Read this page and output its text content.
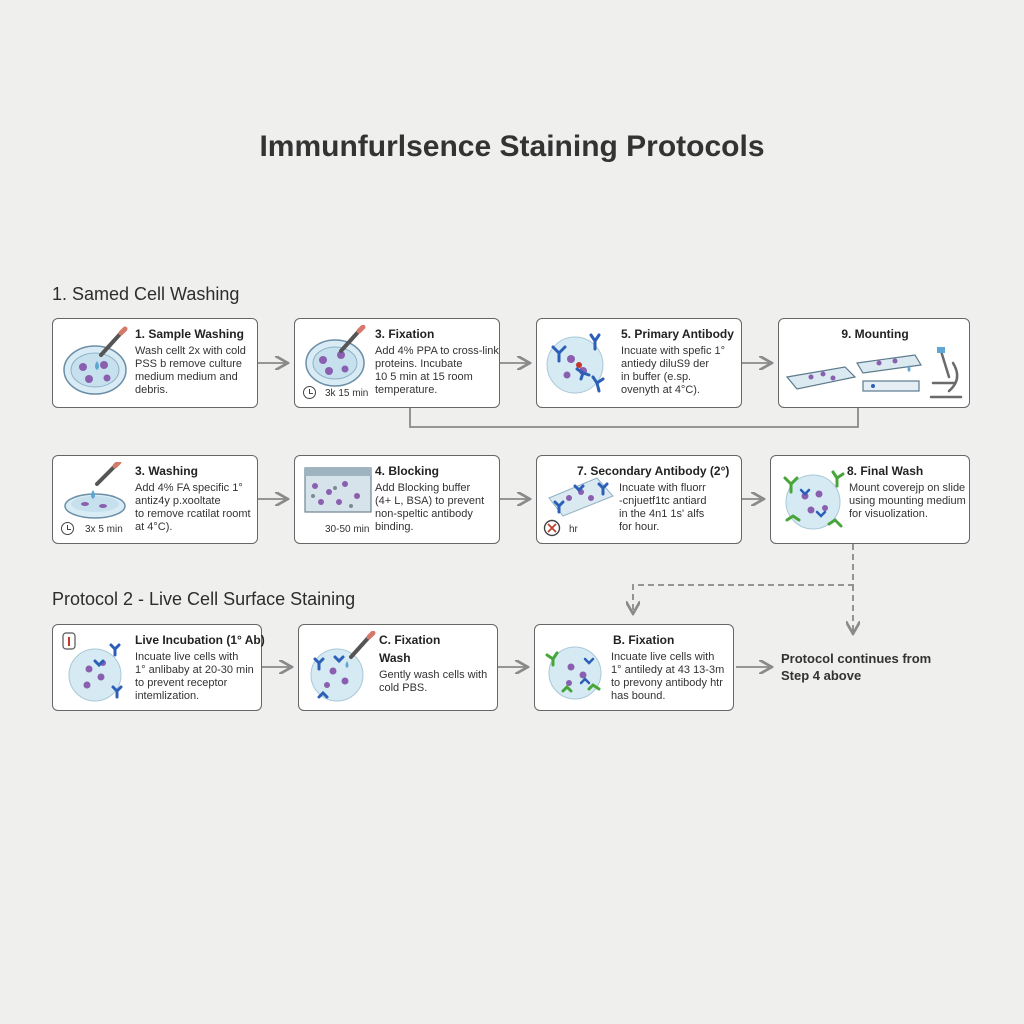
Immunfurlsence Staining Protocols
1. Samed Cell Washing
Protocol 2 - Live Cell Surface Staining
1. Sample Washing
Wash cellt 2x with cold
PSS b remove culture
medium medium and
debris.	3k 15 min
3. Fixation
Add 4% PPA to cross-link
proteins. Incubate
10 5 min at 15 room
temperature.
5. Primary Antibody
Incuate with spefic 1°
antiedy diluS9 der
in buffer (e.sp.
ovenyth at 4°C).
9. Mounting
3x 5 min
3. Washing
Add 4% FA specific 1°
antiz4y p.xooltate
to remove rcatilat roomt
at 4°C).	30-50 min
4. Blocking
Add Blocking buffer
(4+ L, BSA) to prevent
non-speltic antibody
binding.	hr
7. Secondary Antibody (2°)
Incuate with fluorr
-cnjuetf1tc antiard
in the 4n1 1s' alfs
for hour.
8. Final Wash
Mount coverejp on slide
using mounting medium
for visuolization.
Live Incubation (1° Ab)
Incuate live cells with
1° anlibaby at 20-30 min
to prevent receptor
intemlization.
C. Fixation
Wash
Gently wash cells with
cold PBS.
B. Fixation
Incuate live cells with
1° antiledy at 43 13-3m
to prevony antibody htr
has bound.
Protocol continues from
Step 4 above
